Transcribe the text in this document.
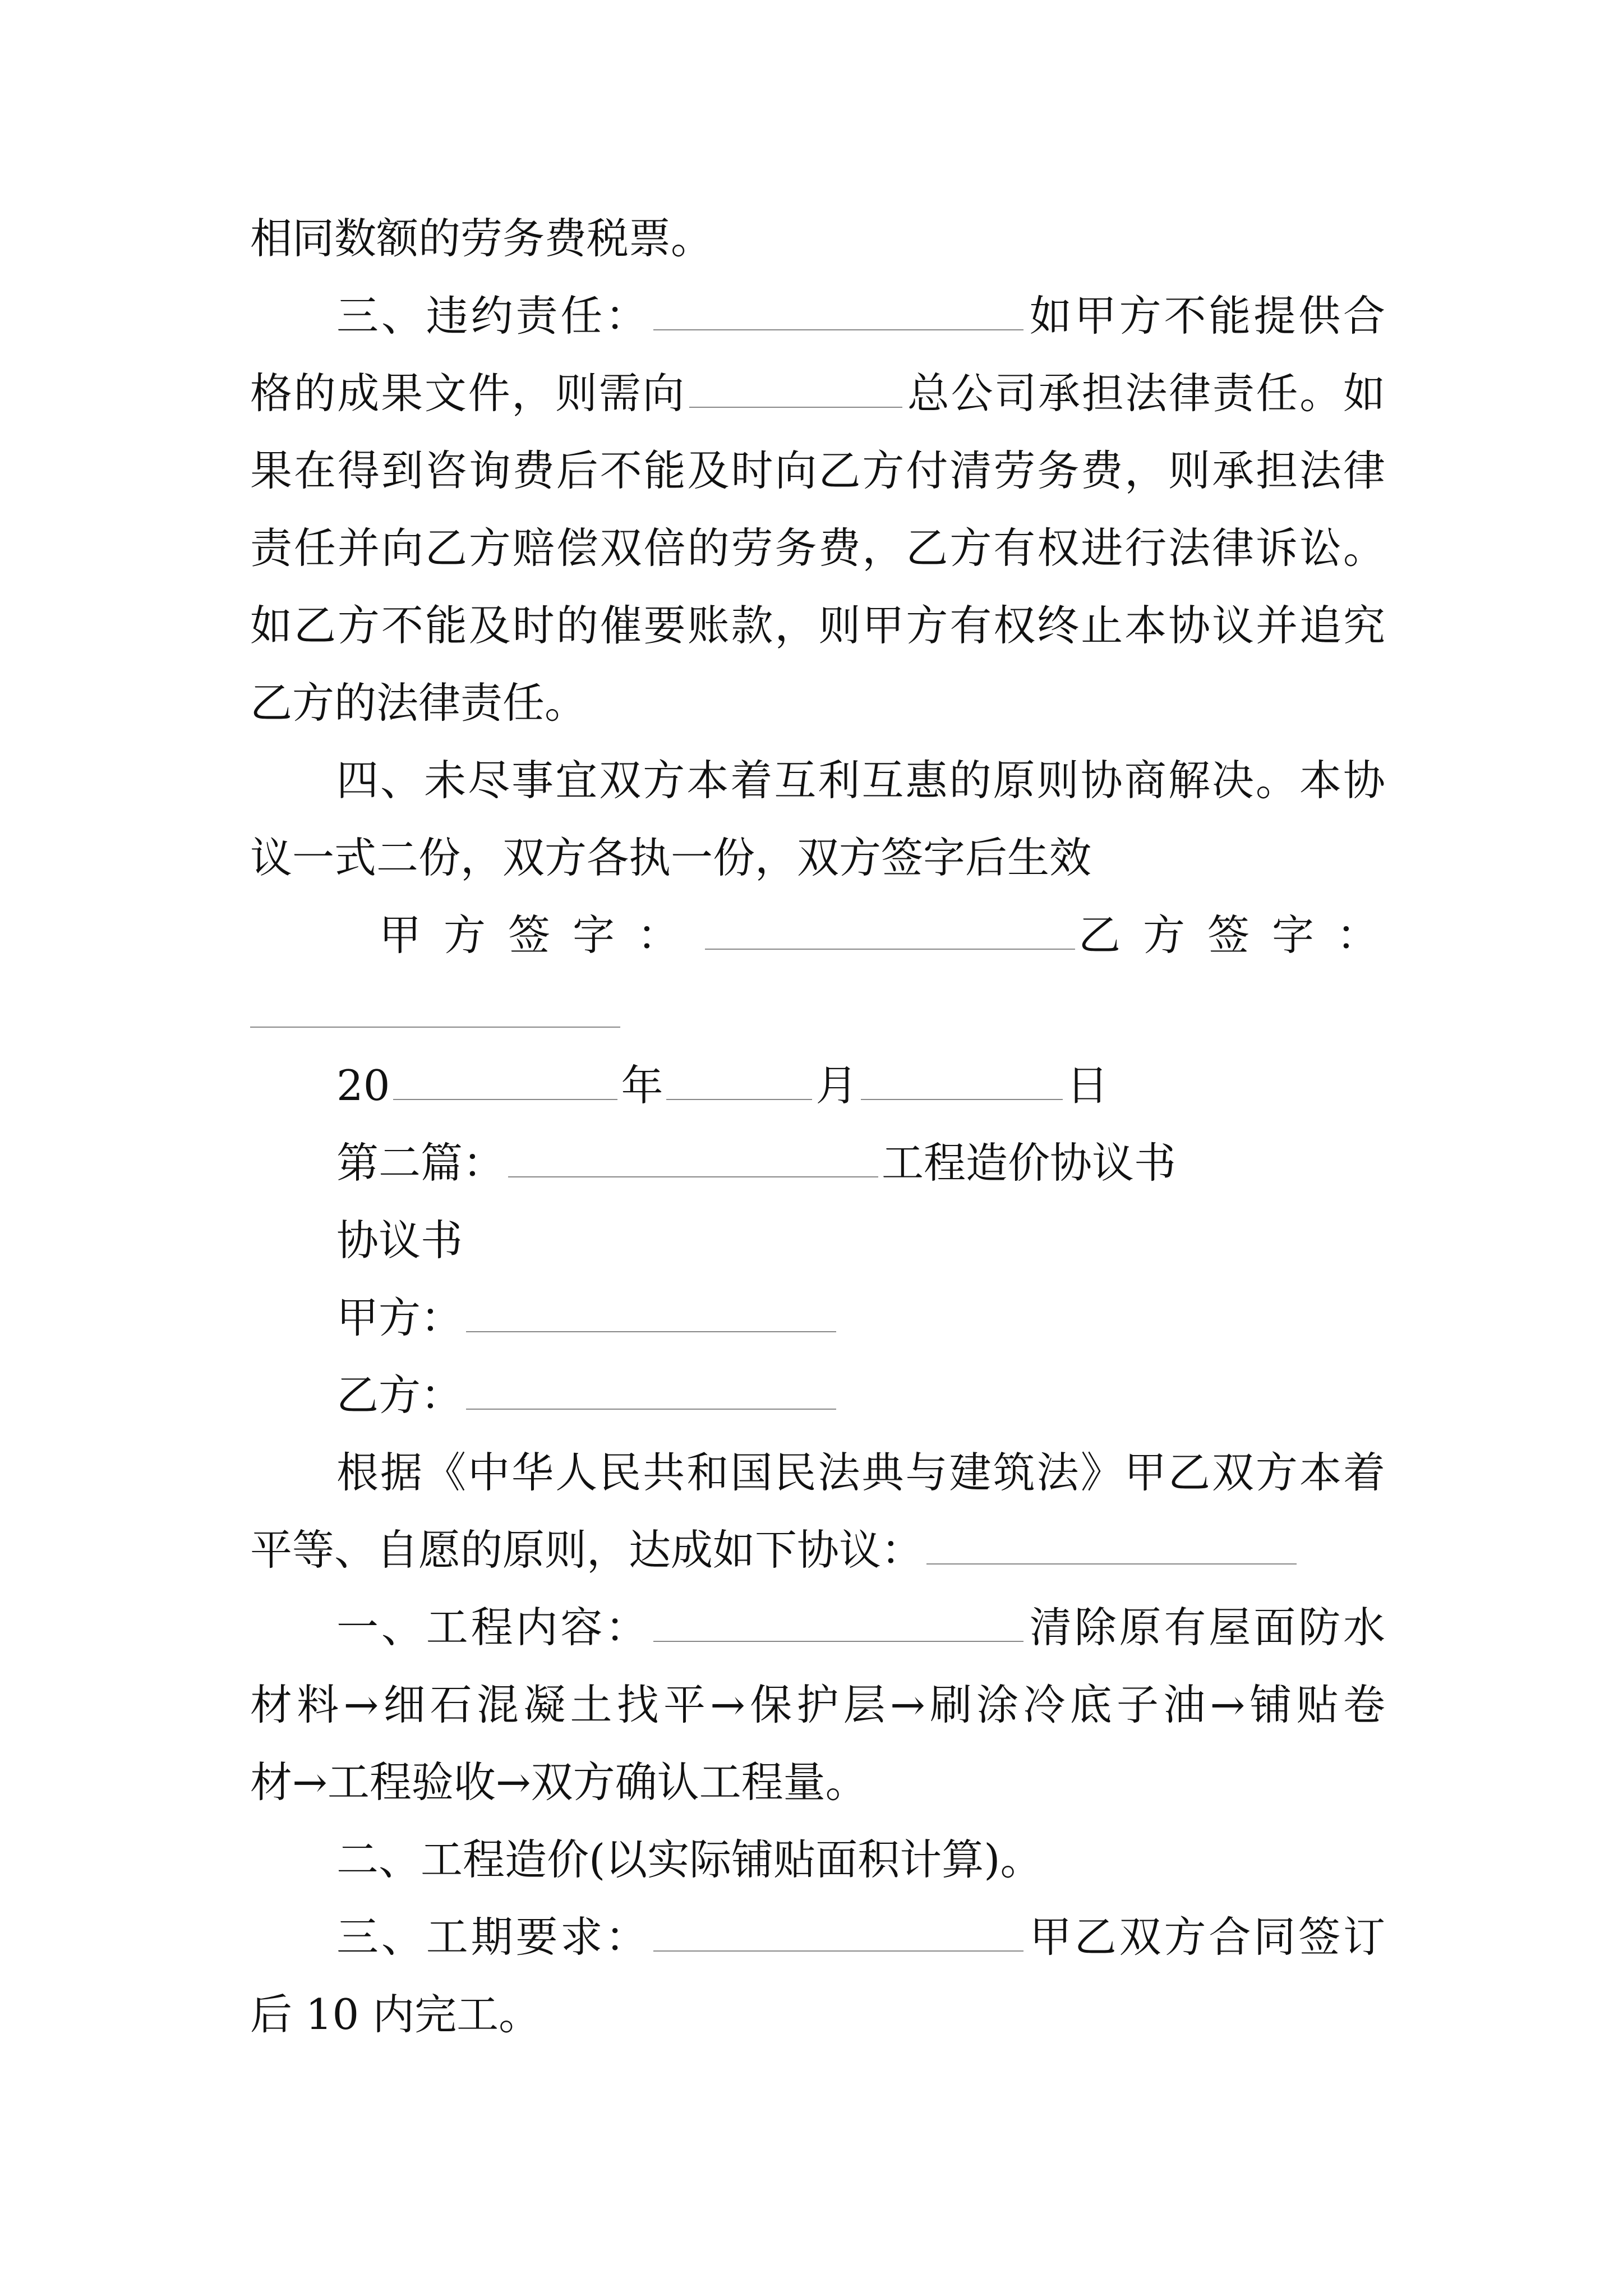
相同数额的劳务费税票。

三、违约责任：	如甲方不能提供合

格的成果文件，则需向	总公司承担法律责任。如

果在得到咨询费后不能及时向乙方付清劳务费，则承担法律

责任并向乙方赔偿双倍的劳务费，乙方有权进行法律诉讼。

如乙方不能及时的催要账款，则甲方有权终止本协议并追究

乙方的法律责任。

四、未尽事宜双方本着互利互惠的原则协商解决。本协

议一式二份，双方各执一份，双方签字后生效

甲方签字：	乙方签字：

20	年	月	日

第二篇：	工程造价协议书

协议书

甲方：

乙方：

根据《中华人民共和国民法典与建筑法》甲乙双方本着

平等、自愿的原则，达成如下协议：

一、工程内容：	清除原有屋面防水

材料→细石混凝土找平→保护层→刷涂冷底子油→铺贴卷

材→工程验收→双方确认工程量。

二、工程造价(以实际铺贴面积计算)。

三、工期要求：	甲乙双方合同签订

后 10 内完工。
